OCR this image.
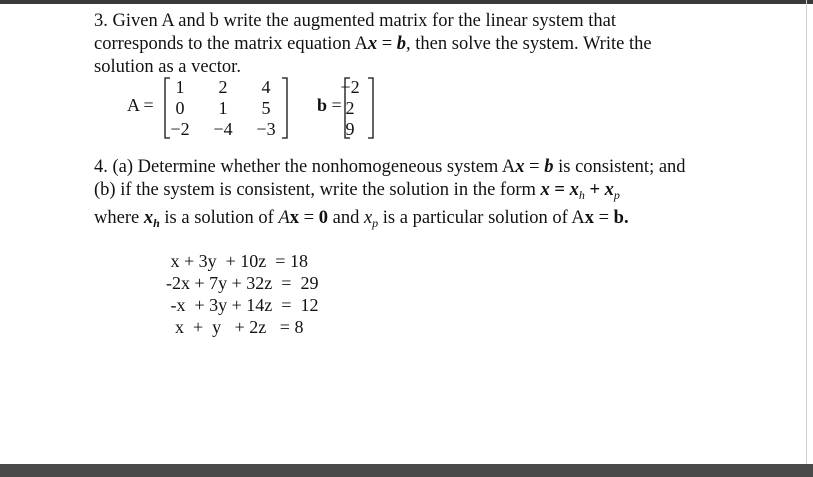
3. Given A and b write the augmented matrix for the linear system that

corresponds to the matrix equation Ax = b, then solve the system. Write the

solution as a vector.

A =
1	2	4
0	1	5
−2	−4	−3
b =
−2
2
9

4. (a) Determine whether the nonhomogeneous system Ax = b is consistent; and

(b) if the system is consistent, write the solution in the form $x = x_h + x_p$

where $x_h$ is a solution of Ax = 0 and $x_p$ is a particular solution of Ax = b.

x + 3y  + 10z  = 18
-2x + 7y + 32z  =  29
-x  + 3y + 14z  =  12
x  +  y   + 2z   = 8
